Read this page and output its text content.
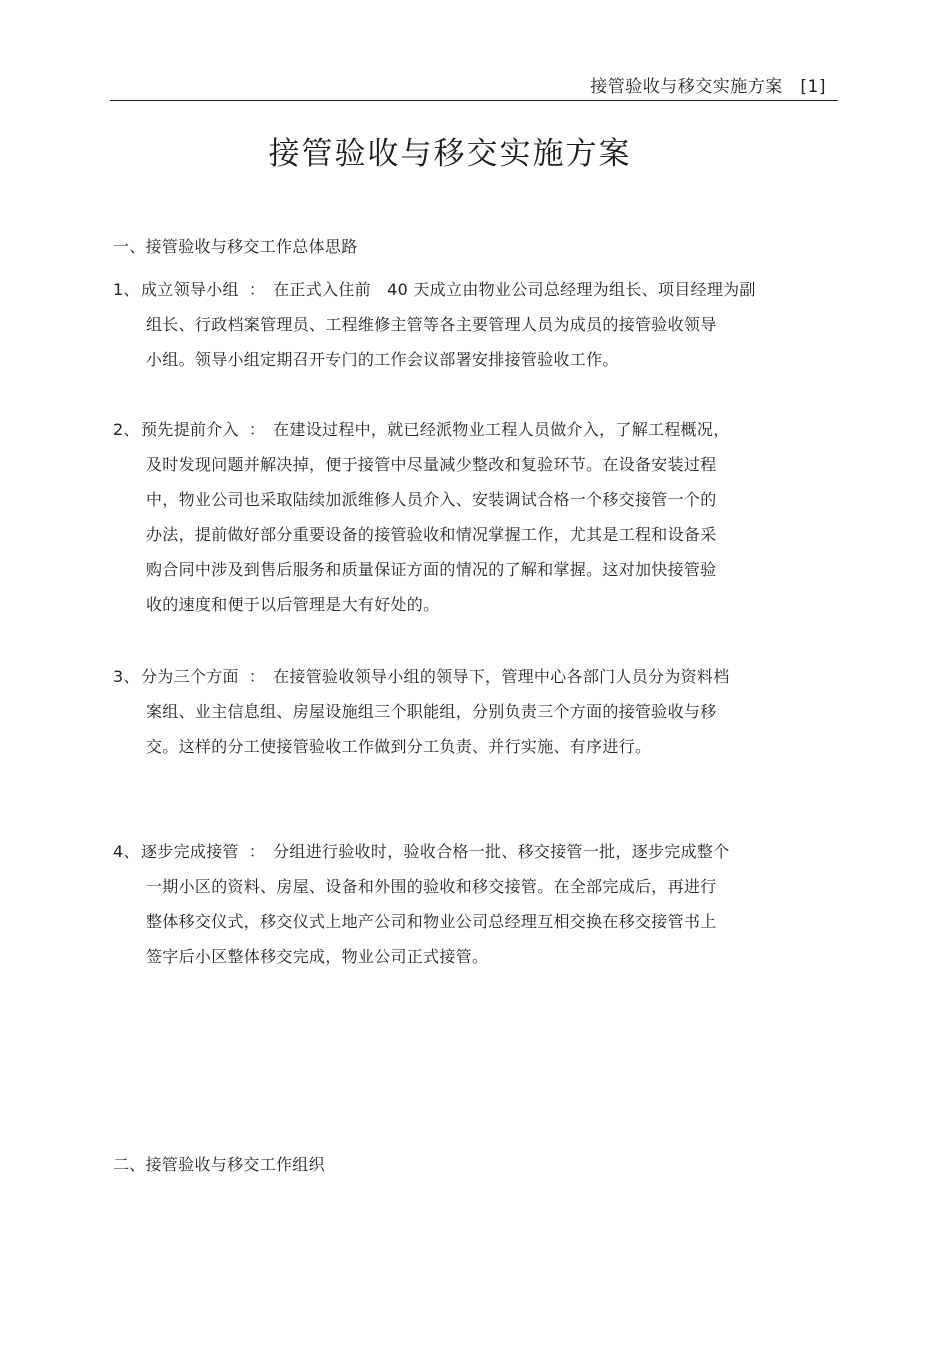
接管验收与移交实施方案   [1]
接管验收与移交实施方案
一、接管验收与移交工作总体思路
1、成立领导小组 ： 在正式入住前   40 天成立由物业公司总经理为组长、项目经理为副
组长、行政档案管理员、工程维修主管等各主要管理人员为成员的接管验收领导
小组。领导小组定期召开专门的工作会议部署安排接管验收工作。
2、预先提前介入 ： 在建设过程中，就已经派物业工程人员做介入，了解工程概况，
及时发现问题并解决掉，便于接管中尽量减少整改和复验环节。在设备安装过程
中，物业公司也采取陆续加派维修人员介入、安装调试合格一个移交接管一个的
办法，提前做好部分重要设备的接管验收和情况掌握工作，尤其是工程和设备采
购合同中涉及到售后服务和质量保证方面的情况的了解和掌握。这对加快接管验
收的速度和便于以后管理是大有好处的。
3、分为三个方面 ： 在接管验收领导小组的领导下，管理中心各部门人员分为资料档
案组、业主信息组、房屋设施组三个职能组，分别负责三个方面的接管验收与移
交。这样的分工使接管验收工作做到分工负责、并行实施、有序进行。
4、逐步完成接管 ： 分组进行验收时，验收合格一批、移交接管一批，逐步完成整个
一期小区的资料、房屋、设备和外围的验收和移交接管。在全部完成后，再进行
整体移交仪式，移交仪式上地产公司和物业公司总经理互相交换在移交接管书上
签字后小区整体移交完成，物业公司正式接管。
二、接管验收与移交工作组织
